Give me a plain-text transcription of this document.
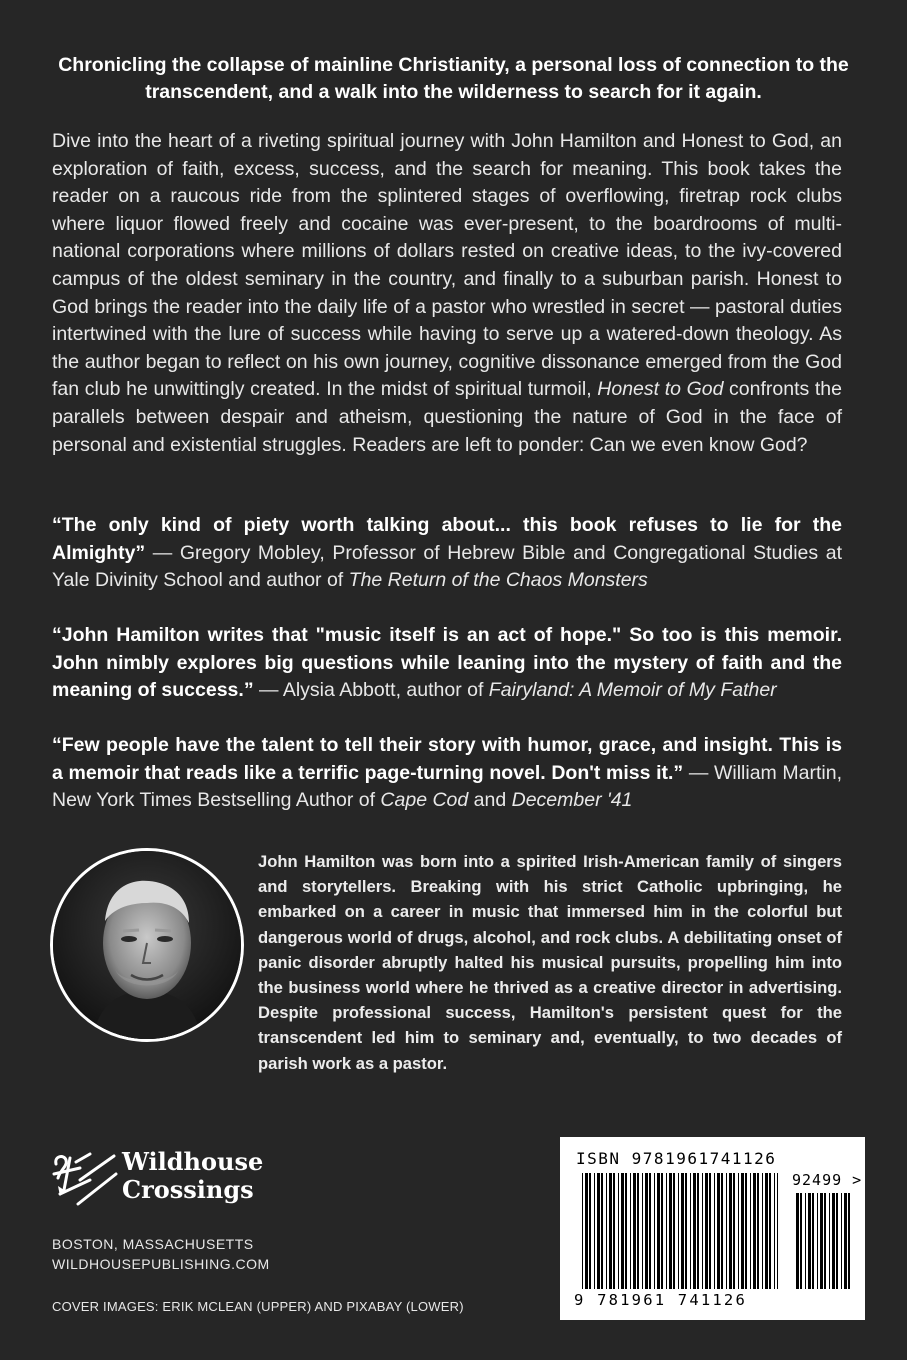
Chronicling the collapse of mainline Christianity, a personal loss of connection to the transcendent, and a walk into the wilderness to search for it again.
Dive into the heart of a riveting spiritual journey with John Hamilton and Honest to God, an exploration of faith, excess, success, and the search for meaning. This book takes the reader on a raucous ride from the splintered stages of overflowing, firetrap rock clubs where liquor flowed freely and cocaine was ever-present, to the boardrooms of multi-national corporations where millions of dollars rested on creative ideas, to the ivy-covered campus of the oldest seminary in the country, and finally to a suburban parish. Honest to God brings the reader into the daily life of a pastor who wrestled in secret — pastoral duties intertwined with the lure of success while having to serve up a watered-down theology. As the author began to reflect on his own journey, cognitive dissonance emerged from the God fan club he unwittingly created. In the midst of spiritual turmoil, Honest to God confronts the parallels between despair and atheism, questioning the nature of God in the face of personal and existential struggles. Readers are left to ponder: Can we even know God?
“The only kind of piety worth talking about... this book refuses to lie for the Almighty” — Gregory Mobley, Professor of Hebrew Bible and Congregational Studies at Yale Divinity School and author of The Return of the Chaos Monsters
“John Hamilton writes that "music itself is an act of hope." So too is this memoir. John nimbly explores big questions while leaning into the mystery of faith and the meaning of success.” — Alysia Abbott, author of Fairyland: A Memoir of My Father
“Few people have the talent to tell their story with humor, grace, and insight. This is a memoir that reads like a terrific page-turning novel. Don't miss it.” — William Martin, New York Times Bestselling Author of Cape Cod and December '41
John Hamilton was born into a spirited Irish-American family of singers and storytellers. Breaking with his strict Catholic upbringing, he embarked on a career in music that immersed him in the colorful but dangerous world of drugs, alcohol, and rock clubs. A debilitating onset of panic disorder abruptly halted his musical pursuits, propelling him into the business world where he thrived as a creative director in advertising. Despite professional success, Hamilton's persistent quest for the transcendent led him to seminary and, eventually, to two decades of parish work as a pastor.
Wildhouse
Crossings
BOSTON, MASSACHUSETTS
WILDHOUSEPUBLISHING.COM
COVER IMAGES: ERIK MCLEAN (UPPER) AND PIXABAY (LOWER)
ISBN 9781961741126
92499 >
9 781961 741126
